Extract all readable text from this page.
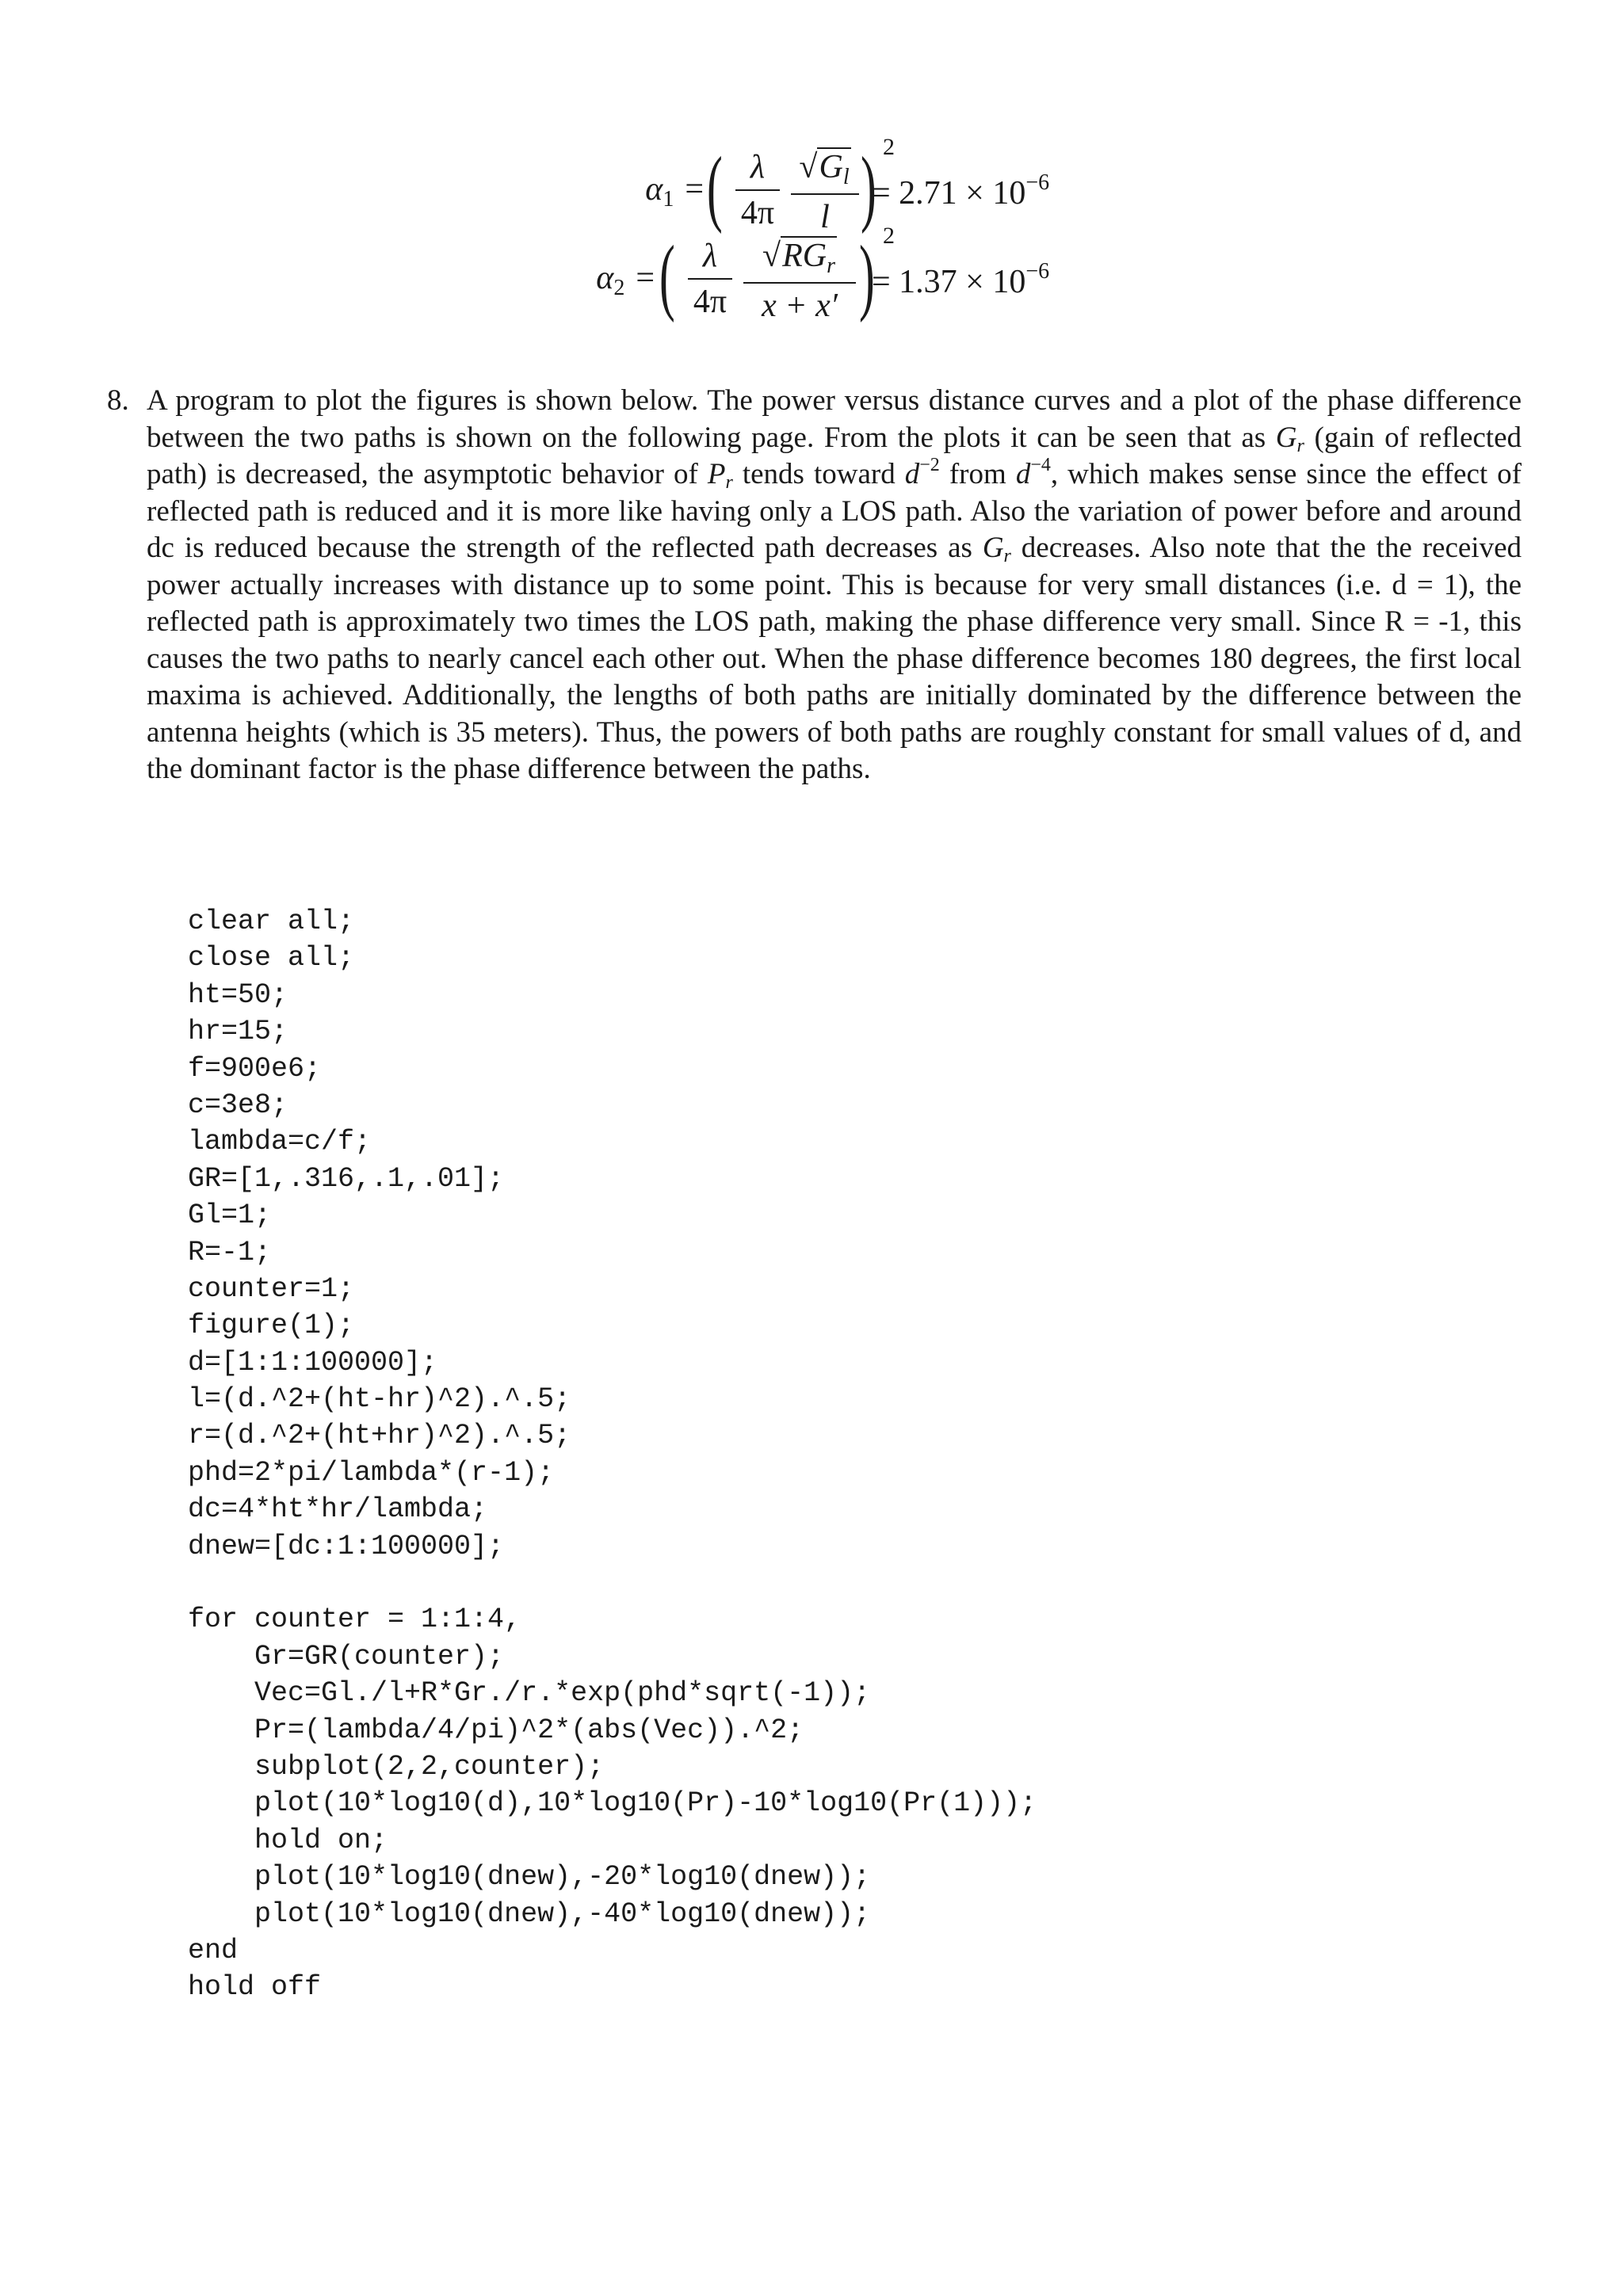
$\alpha_1$ = ( λ
4π
$√G_l$
l ) 2
= $2.71 \times 10^{-6}$
$\alpha_2$ = ( λ
4π
$√RG_r$
x + x′ ) 2
= $1.37 \times 10^{-6}$
8. A program to plot the figures is shown below. The power versus distance curves and a plot of the phase difference between the two paths is shown on the following page. From the plots it can be seen that as $G_r$ (gain of reflected path) is decreased, the asymptotic behavior of $P_r$ tends toward $d^{-2}$ from $d^{-4}$, which makes sense since the effect of reflected path is reduced and it is more like having only a LOS path. Also the variation of power before and around dc is reduced because the strength of the reflected path decreases as $G_r$ decreases. Also note that the the received power actually increases with distance up to some point. This is because for very small distances (i.e. d = 1), the reflected path is approximately two times the LOS path, making the phase difference very small. Since R = -1, this causes the two paths to nearly cancel each other out. When the phase difference becomes 180 degrees, the first local maxima is achieved. Additionally, the lengths of both paths are initially dominated by the difference between the antenna heights (which is 35 meters). Thus, the powers of both paths are roughly constant for small values of d, and the dominant factor is the phase difference between the paths.
clear all;
close all;
ht=50;
hr=15;
f=900e6;
c=3e8;
lambda=c/f;
GR=[1,.316,.1,.01];
Gl=1;
R=-1;
counter=1;
figure(1);
d=[1:1:100000];
l=(d.^2+(ht-hr)^2).^.5;
r=(d.^2+(ht+hr)^2).^.5;
phd=2*pi/lambda*(r-1);
dc=4*ht*hr/lambda;
dnew=[dc:1:100000];
for counter = 1:1:4,
Gr=GR(counter);
Vec=Gl./l+R*Gr./r.*exp(phd*sqrt(-1));
Pr=(lambda/4/pi)^2*(abs(Vec)).^2;
subplot(2,2,counter);
plot(10*log10(d),10*log10(Pr)-10*log10(Pr(1)));
hold on;
plot(10*log10(dnew),-20*log10(dnew));
plot(10*log10(dnew),-40*log10(dnew));
end
hold off
